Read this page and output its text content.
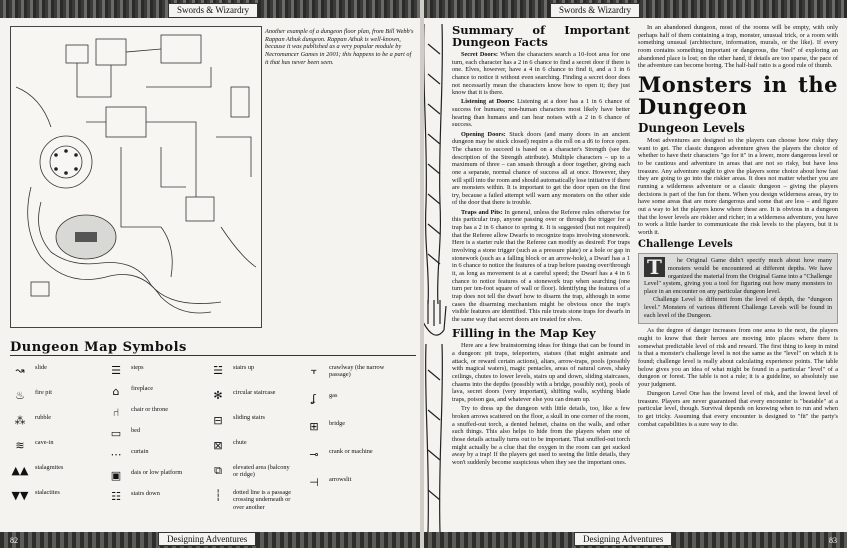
Swords & Wizardry

Another example of a dungeon floor plan, from Bill Webb's Rappan Athuk dungeon. Rappan Athuk is well-known, because it was published as a very popular module by Necromancer Games in 2001; this happens to be a part of it that has never been seen.

Dungeon Map Symbols
↝	slide
♨	fire pit
⁂	rubble
≋	cave-in
▲▲ stalagmites
▼▼ stalactites
☰	steps
⌂	fireplace
⑁	chair or throne
▭	bed
⋯	curtain
▣	dais or low platform
☷	stairs down
☱	stairs up
✻	circular staircase
⊟	sliding stairs
⊠	chute
⧉	elevated area (balcony or ridge)
┆	dotted line is a passage crossing underneath or over another
⫟	crawlway (the narrow passage)
ʆ	gas
⊞	bridge
⊸	crank or machine
⊣	arrowslit
Designing Adventures
82
Swords & Wizardry
Summary of Important Dungeon Facts

Secret Doors: When the characters search a 10-foot area for one turn, each character has a 2 in 6 chance to find a secret door if there is one. Elves, however, have a 4 in 6 chance to find it, and a 1 in 6 chance to notice it without even searching. Finding a secret door does not necessarily mean the characters know how to open it; they just know that it is there.

Listening at Doors: Listening at a door has a 1 in 6 chance of success for humans; non-human characters most likely have better hearing than humans and can hear noises with a 2 in 6 chance of success.

Opening Doors: Stuck doors (and many doors in an ancient dungeon may be stuck closed) require a die roll on a d6 to force open. The chance to succeed is based on a character's Strength (see the description of the Strength attribute). Multiple characters – up to a maximum of three – can smash through a door together, giving each one a separate, normal chance of success all at once. However, they will spill into the room and should automatically lose initiative if there are monsters within. It is important to get the door open on the first try, because a failed attempt will warn any monsters on the other side of the door that there is trouble.

Traps and Pits: In general, unless the Referee rules otherwise for this particular trap, anyone passing over or through the trigger for a trap has a 2 in 6 chance to spring it. It is suggested (but not required) that the Referee allow Dwarfs to recognize traps involving stonework. Here is a starter rule that the Referee can modify as desired: For traps involving a stone trigger (such as a pressure plate) or a hole or gap in stonework (such as a falling block or an arrow-hole), a Dwarf has a 1 in 6 chance to notice the features of a trap before passing over/through it, as long as movement is at a careful speed; the Dwarf has a 4 in 6 chance to notice features of a stonework trap when searching (one turn per ten-foot square of wall or floor). Identifying the features of a trap does not tell the dwarf how to disarm the trap, although in some cases the disarming mechanism might be obvious once the trap's visible features are identified. This rule treats stone traps for dwarfs in the same way that secret doors are treated for elves.

Filling in the Map Key

Here are a few brainstorming ideas for things that can be found in a dungeon: pit traps, teleporters, statues (that might animate and attack, or reward certain actions), altars, arrow-traps, pools (possibly with magical waters), magic pentacles, areas of natural caves, shaky ceilings, chutes to lower levels, stairs up and down, sliding staircases, chasms into the depths (possibly with a bridge, possibly not), pools of lava, secret doors (very important), shifting walls, scything blade traps, poison gas, and whatever else you can dream up.

Try to dress up the dungeon with little details, too, like a few broken arrows scattered on the floor, a skull in one corner of the room, a snuffed-out torch, a dented helmet, chains on the walls, and other such things. This also helps to hide from the players when one of those details actually turns out to be important. That snuffed-out torch might actually be a clue that the oxygen in the room can get sucked away by a trap! If the players get used to seeing the little details, they won't suddenly become suspicious when they see the important ones.

In an abandoned dungeon, most of the rooms will be empty, with only perhaps half of them containing a trap, monster, unusual trick, or a room with something unusual (architecture, information, murals, or the like). If every room contains something important or dangerous, the "feel" of exploring an abandoned place is lost; on the other hand, if details are too sparse, the pace of the adventure can become boring. The half-half ratio is a good rule of thumb.

Monsters in the Dungeon
Dungeon Levels

Most adventures are designed so the players can choose how risky they want to get. The classic dungeon adventure gives the players the choice of whether to have their characters "go for it" in a lower, more dangerous level or to be cautious and adventure in areas that are not so risky, but have less treasure. Any adventure ought to give the players some choice about how fast they are going to go into the riskier areas. It does not matter whether you are running a wilderness adventure or a classic dungeon – giving the players decisions is part of the fun for them. When you design wilderness areas, try to have some areas that are more dangerous and some that are less – and figure out a way to let the players know where these are. It is obvious in a dungeon that the lower levels are riskier and richer; in a wilderness adventure, you have to work a little harder to communicate the risk levels to the players, but it is worth it.

Challenge Levels
T	he Original Game didn't specify much about how many monsters would be encountered at different depths. We have organized the material from the Original Game into a "Challenge Level" system, giving you a tool for figuring out how many monsters to place in an encounter on any particular dungeon level.

Challenge Level is different from the level of depth, the "dungeon level." Monsters of various different Challenge Levels will be found in each level of the Dungeon.

As the degree of danger increases from one area to the next, the players ought to know that their heroes are moving into places where there is somewhat predictable level of risk and reward. The first thing to keep in mind is that a monster's challenge level is not the same as the "level" on which it is found; challenge level is really about calculating experience points. The table below gives you an idea of what might be found in a particular "level" of a dungeon or forest. The table is not a rule; it is a guideline, so absolutely use your judgment.

Dungeon Level One has the lowest level of risk, and the lowest level of treasure. Players are never guaranteed that every encounter is "beatable" at a particular level, though. Survival depends on knowing when to run and when to get tricky. Assuming that every encounter is designed to "fit" the party's combat capabilities is a sure way to die.

Designing Adventures	83
